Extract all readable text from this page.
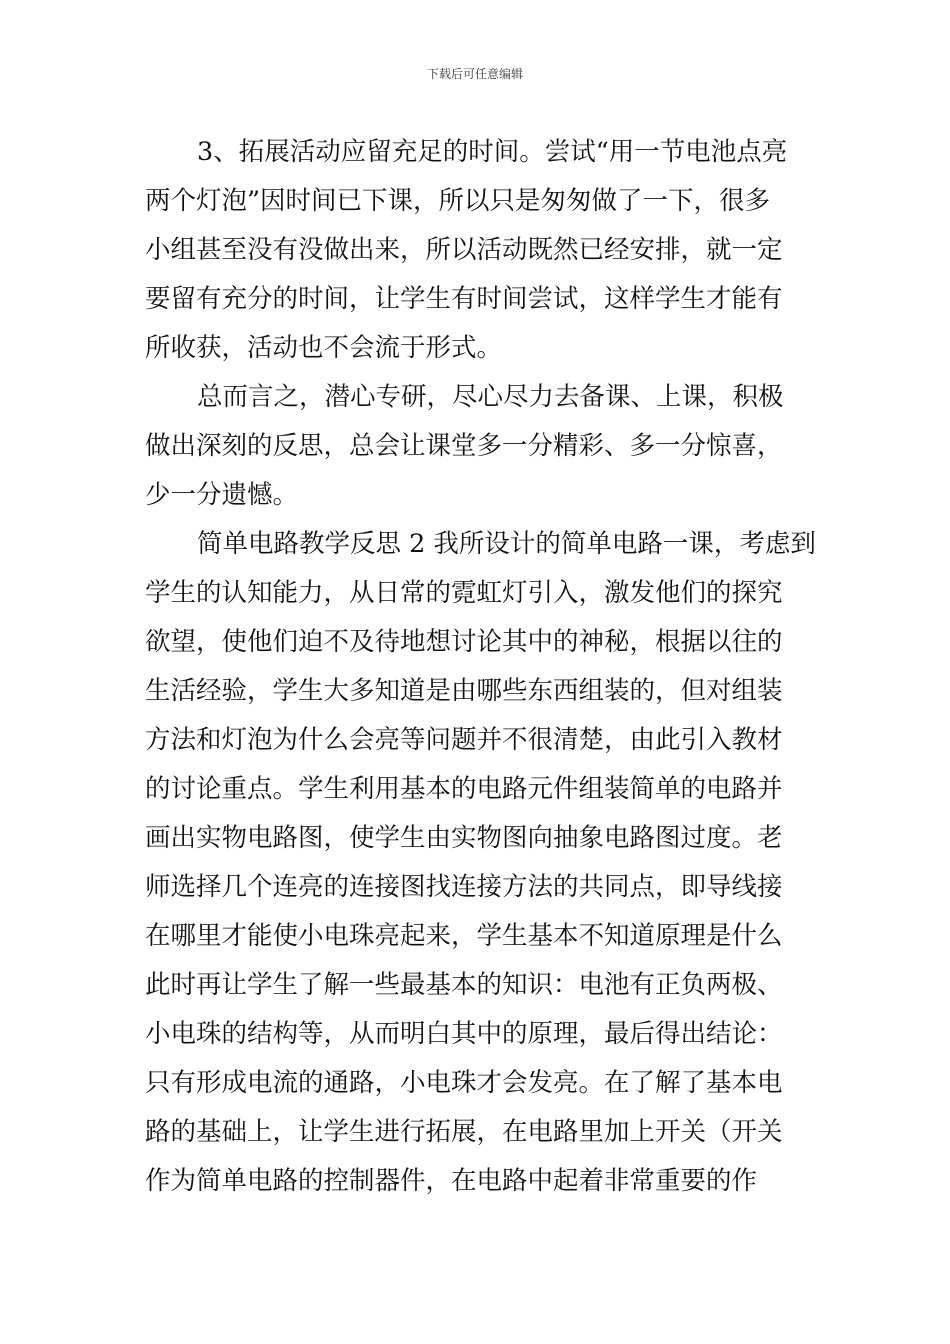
下载后可任意编辑
3、拓展活动应留充足的时间。尝试“用一节电池点亮
两个灯泡”因时间已下课，所以只是匆匆做了一下，很多
小组甚至没有没做出来，所以活动既然已经安排，就一定
要留有充分的时间，让学生有时间尝试，这样学生才能有
所收获，活动也不会流于形式。
总而言之，潜心专研，尽心尽力去备课、上课，积极
做出深刻的反思，总会让课堂多一分精彩、多一分惊喜，
少一分遗憾。
简单电路教学反思 2 我所设计的简单电路一课，考虑到
学生的认知能力，从日常的霓虹灯引入，激发他们的探究
欲望，使他们迫不及待地想讨论其中的神秘，根据以往的
生活经验，学生大多知道是由哪些东西组装的，但对组装
方法和灯泡为什么会亮等问题并不很清楚，由此引入教材
的讨论重点。学生利用基本的电路元件组装简单的电路并
画出实物电路图，使学生由实物图向抽象电路图过度。老
师选择几个连亮的连接图找连接方法的共同点，即导线接
在哪里才能使小电珠亮起来，学生基本不知道原理是什么
此时再让学生了解一些最基本的知识：电池有正负两极、
小电珠的结构等，从而明白其中的原理，最后得出结论：
只有形成电流的通路，小电珠才会发亮。在了解了基本电
路的基础上，让学生进行拓展，在电路里加上开关（开关
作为简单电路的控制器件，在电路中起着非常重要的作
